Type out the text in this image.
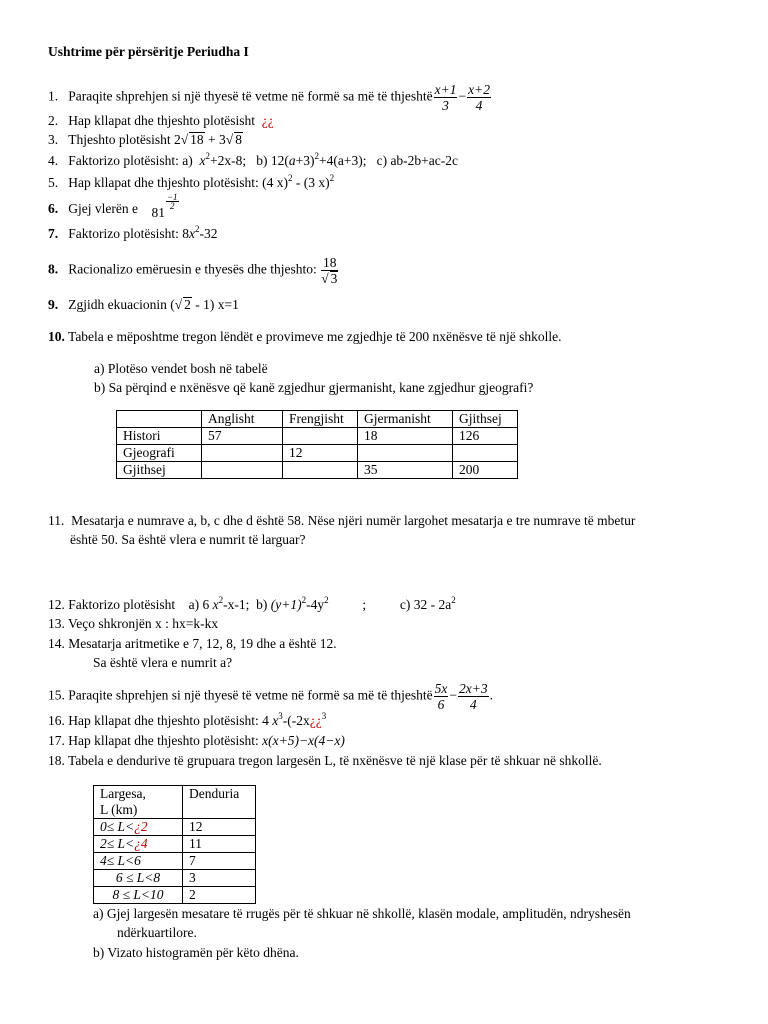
Ushtrime për përsëritje Periudha I
1. Paraqite shprehjen si një thyesë të vetme në formë sa më të thjeshtë $\frac{x+1}{3} - \frac{x+2}{4}$
2. Hap kllapat dhe thjeshto plotësisht ¿¿
3. Thjeshto plotësisht 2√ 18 + 3√ 8
4. Faktorizo plotësisht: a) $x^2+2x-8$; b) $12(a+3)^2+4(a+3)$; c) ab-2b+ac-2c
5. Hap kllapat dhe thjeshto plotësisht: (4 x)$^2$ - (3 x)$^2$
6. Gjej vlerën e 81
$\frac{-1}{2}$
7. Faktorizo plotësisht: $8x^2-32$
8. Racionalizo emëruesin e thyesës dhe thjeshto: $\frac{18}{√ 3}$
9. Zgjidh ekuacionin (√ 2 - 1) x=1
10. Tabela e mëposhtme tregon lëndët e provimeve me zgjedhje të 200 nxënësve të një shkolle.
a) Plotëso vendet bosh në tabelë
b) Sa përqind e nxënësve që kanë zgjedhur gjermanisht, kane zgjedhur gjeografi?
	Anglisht	Frengjisht	Gjermanisht	Gjithsej
Histori	57		18	126
Gjeografi		12		
Gjithsej			35	200
11. Mesatarja e numrave a, b, c dhe d është 58. Nëse njëri numër largohet mesatarja e tre numrave të mbetur
është 50. Sa është vlera e numrit të larguar?
12. Faktorizo plotësisht a) 6 $x^2-x-1$; b) $(y+1)^2-4y^2$	;	c) $32 - 2a^2$
13. Veço shkronjën x : hx=k-kx
14. Mesatarja aritmetike e 7, 12, 8, 19 dhe a është 12.
Sa është vlera e numrit a?
15. Paraqite shprehjen si një thyesë të vetme në formë sa më të thjeshtë $\frac{5x}{6} - \frac{2x+3}{4}$ .
16. Hap kllapat dhe thjeshto plotësisht: 4 $x^3-(-2x¿¿^3$
17. Hap kllapat dhe thjeshto plotësisht: x(x+5)−x(4−x)
18. Tabela e dendurive të grupuara tregon largesën L, të nxënësve të një klase për të shkuar në shkollë.
Largesa,
L (km)	Denduria
0≤ L<¿2	12
2≤ L<¿4	11
4≤ L<6	7
6 ≤ L<8	3
8 ≤ L<10	2
a) Gjej largesën mesatare të rrugës për të shkuar në shkollë, klasën modale, amplitudën, ndryshesën
ndërkuartilore.
b) Vizato histogramën për këto dhëna.
